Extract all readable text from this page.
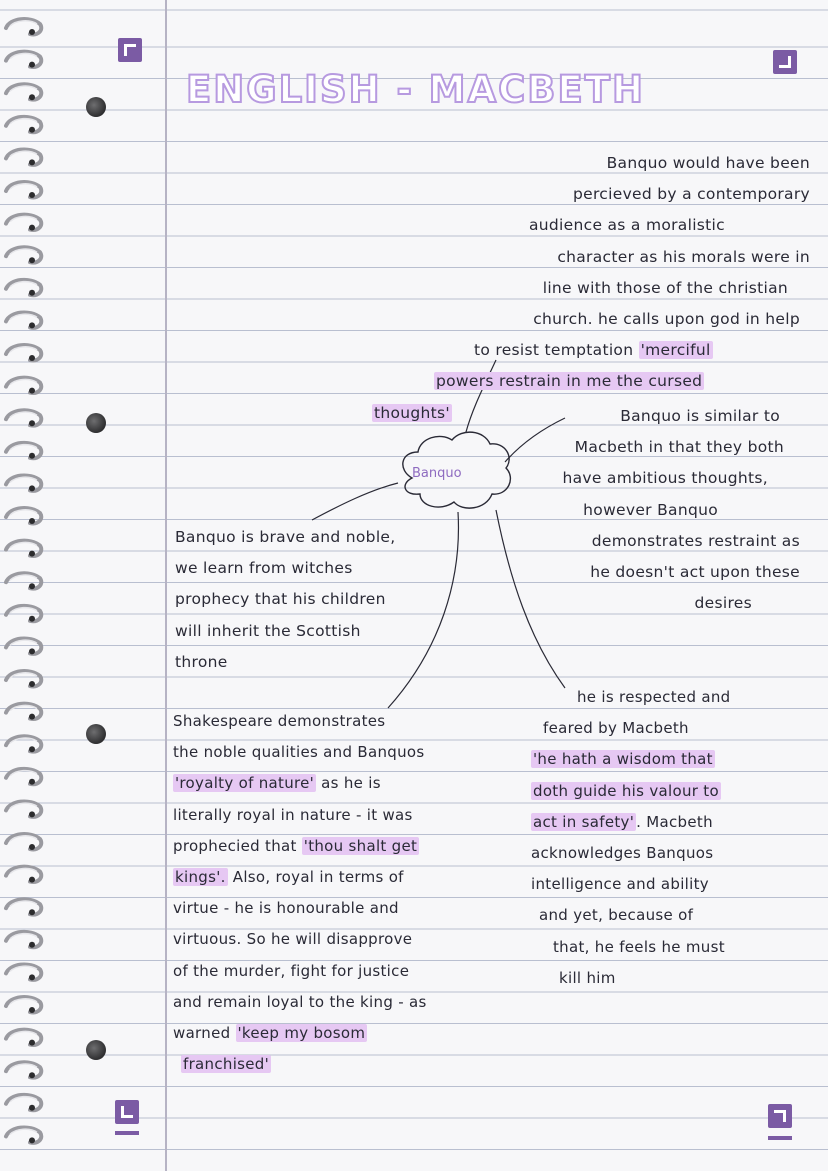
ENGLISH - MACBETH
Banquo
Banquo would have been
percieved by a contemporary
audience as a moralistic
character as his morals were in
line with those of the christian
church. he calls upon god in help
to resist temptation 'merciful
powers restrain in me the cursed
thoughts'	Banquo is similar to
Macbeth in that they both
have ambitious thoughts,
however Banquo
demonstrates restraint as
he doesn't act upon these
desires
Banquo is brave and noble,
we learn from witches
prophecy that his children
will inherit the Scottish
throne
Shakespeare demonstrates
the noble qualities and Banquos
'royalty of nature' as he is
literally royal in nature - it was
prophecied that 'thou shalt get
kings'. Also, royal in terms of
virtue - he is honourable and
virtuous. So he will disapprove
of the murder, fight for justice
and remain loyal to the king - as
warned 'keep my bosom
franchised'
he is respected and
feared by Macbeth
'he hath a wisdom that
doth guide his valour to
act in safety' . Macbeth
acknowledges Banquos
intelligence and ability
and yet, because of
that, he feels he must
kill him
